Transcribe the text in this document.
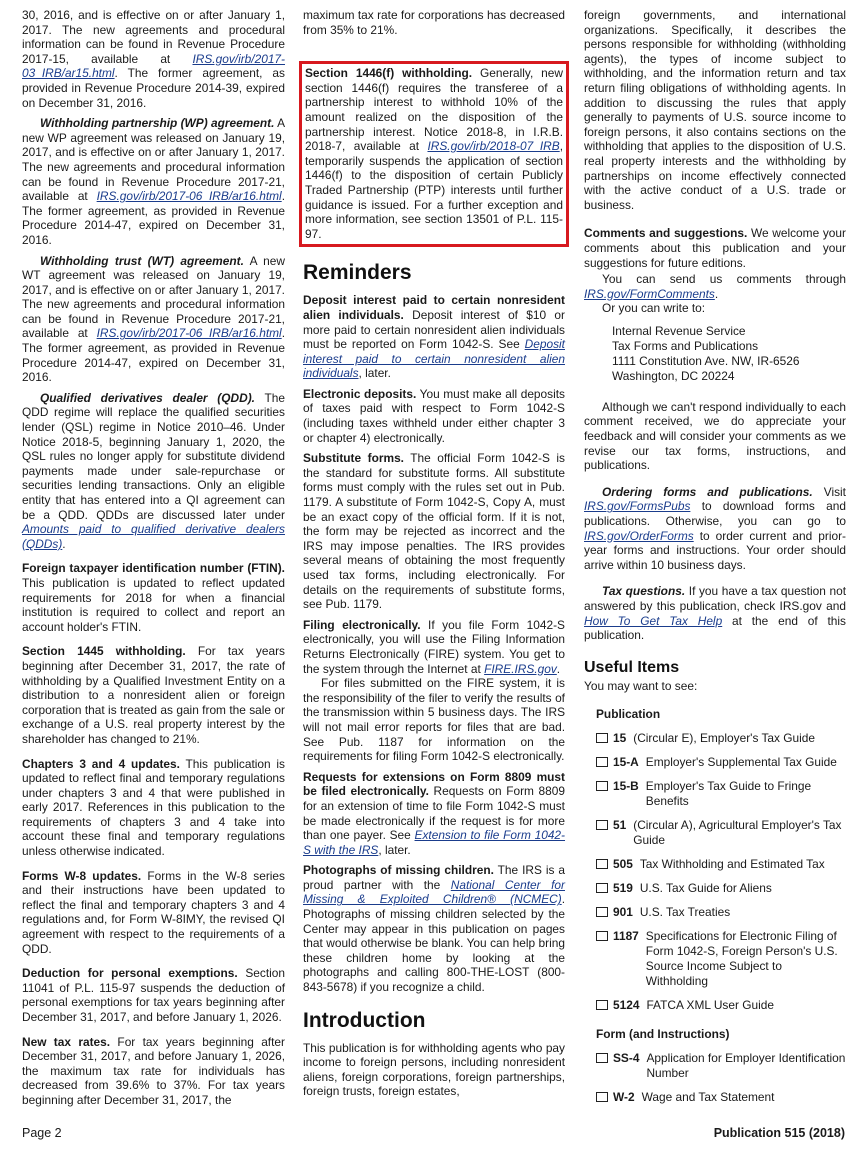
30, 2016, and is effective on or after January 1, 2017. The new agreements and procedural information can be found in Revenue Procedure 2017-15, available at IRS.gov/irb/2017-03_IRB/ar15.html. The former agreement, as provided in Revenue Procedure 2014-39, expired on December 31, 2016.

Withholding partnership (WP) agreement. A new WP agreement was released on January 19, 2017, and is effective on or after January 1, 2017. The new agreements and procedural information can be found in Revenue Procedure 2017-21, available at IRS.gov/irb/2017-06_IRB/ar16.html. The former agreement, as provided in Revenue Procedure 2014-47, expired on December 31, 2016.

Withholding trust (WT) agreement. A new WT agreement was released on January 19, 2017, and is effective on or after January 1, 2017. The new agreements and procedural information can be found in Revenue Procedure 2017-21, available at IRS.gov/irb/2017-06_IRB/ar16.html. The former agreement, as provided in Revenue Procedure 2014-47, expired on December 31, 2016.

Qualified derivatives dealer (QDD). The QDD regime will replace the qualified securities lender (QSL) regime in Notice 2010–46. Under Notice 2018-5, beginning January 1, 2020, the QSL rules no longer apply for substitute dividend payments made under sale-repurchase or securities lending transactions. Only an eligible entity that has entered into a QI agreement can be a QDD. QDDs are discussed later under Amounts paid to qualified derivative dealers (QDDs).

Foreign taxpayer identification number (FTIN). This publication is updated to reflect updated requirements for 2018 for when a financial institution is required to collect and report an account holder's FTIN.

Section 1445 withholding. For tax years beginning after December 31, 2017, the rate of withholding by a Qualified Investment Entity on a distribution to a nonresident alien or foreign corporation that is treated as gain from the sale or exchange of a U.S. real property interest by the shareholder has changed to 21%.

Chapters 3 and 4 updates. This publication is updated to reflect final and temporary regulations under chapters 3 and 4 that were published in early 2017. References in this publication to the requirements of chapters 3 and 4 take into account these final and temporary regulations unless otherwise indicated.

Forms W-8 updates. Forms in the W-8 series and their instructions have been updated to reflect the final and temporary chapters 3 and 4 regulations and, for Form W-8IMY, the revised QI agreement with respect to the requirements of a QDD.

Deduction for personal exemptions. Section 11041 of P.L. 115-97 suspends the deduction of personal exemptions for tax years beginning after December 31, 2017, and before January 1, 2026.

New tax rates. For tax years beginning after December 31, 2017, and before January 1, 2026, the maximum tax rate for individuals has decreased from 39.6% to 37%. For tax years beginning after December 31, 2017, the

maximum tax rate for corporations has decreased from 35% to 21%.

Section 1446(f) withholding. Generally, new section 1446(f) requires the transferee of a partnership interest to withhold 10% of the amount realized on the disposition of the partnership interest. Notice 2018-8, in I.R.B. 2018-7, available at IRS.gov/irb/2018-07_IRB, temporarily suspends the application of section 1446(f) to the disposition of certain Publicly Traded Partnership (PTP) interests until further guidance is issued. For a further exception and more information, see section 13501 of P.L. 115-97.

Reminders

Deposit interest paid to certain nonresident alien individuals. Deposit interest of $10 or more paid to certain nonresident alien individuals must be reported on Form 1042-S. See Deposit interest paid to certain nonresident alien individuals, later.

Electronic deposits. You must make all deposits of taxes paid with respect to Form 1042-S (including taxes withheld under either chapter 3 or chapter 4) electronically.

Substitute forms. The official Form 1042-S is the standard for substitute forms. All substitute forms must comply with the rules set out in Pub. 1179. A substitute of Form 1042-S, Copy A, must be an exact copy of the official form. If it is not, the form may be rejected as incorrect and the IRS may impose penalties. The IRS provides several means of obtaining the most frequently used tax forms, including electronically. For details on the requirements of substitute forms, see Pub. 1179.

Filing electronically. If you file Form 1042-S electronically, you will use the Filing Information Returns Electronically (FIRE) system. You get to the system through the Internet at FIRE.IRS.gov.

For files submitted on the FIRE system, it is the responsibility of the filer to verify the results of the transmission within 5 business days. The IRS will not mail error reports for files that are bad. See Pub. 1187 for information on the requirements for filing Form 1042-S electronically.

Requests for extensions on Form 8809 must be filed electronically. Requests on Form 8809 for an extension of time to file Form 1042-S must be made electronically if the request is for more than one payer. See Extension to file Form 1042-S with the IRS, later.

Photographs of missing children. The IRS is a proud partner with the National Center for Missing & Exploited Children® (NCMEC). Photographs of missing children selected by the Center may appear in this publication on pages that would otherwise be blank. You can help bring these children home by looking at the photographs and calling 800-THE-LOST (800-843-5678) if you recognize a child.

Introduction

This publication is for withholding agents who pay income to foreign persons, including nonresident aliens, foreign corporations, foreign partnerships, foreign trusts, foreign estates,

foreign governments, and international organizations. Specifically, it describes the persons responsible for withholding (withholding agents), the types of income subject to withholding, and the information return and tax return filing obligations of withholding agents. In addition to discussing the rules that apply generally to payments of U.S. source income to foreign persons, it also contains sections on the withholding that applies to the disposition of U.S. real property interests and the withholding by partnerships on income effectively connected with the active conduct of a U.S. trade or business.

Comments and suggestions. We welcome your comments about this publication and your suggestions for future editions.

You can send us comments through IRS.gov/FormComments.

Or you can write to:

Internal Revenue Service
Tax Forms and Publications
1111 Constitution Ave. NW, IR-6526
Washington, DC 20224

Although we can't respond individually to each comment received, we do appreciate your feedback and will consider your comments as we revise our tax forms, instructions, and publications.

Ordering forms and publications. Visit IRS.gov/FormsPubs to download forms and publications. Otherwise, you can go to IRS.gov/OrderForms to order current and prior-year forms and instructions. Your order should arrive within 10 business days.

Tax questions. If you have a tax question not answered by this publication, check IRS.gov and How To Get Tax Help at the end of this publication.

Useful Items

You may want to see:

Publication
15 (Circular E), Employer's Tax Guide
15-A Employer's Supplemental Tax Guide
15-B Employer's Tax Guide to Fringe Benefits
51 (Circular A), Agricultural Employer's Tax Guide
505 Tax Withholding and Estimated Tax
519 U.S. Tax Guide for Aliens
901 U.S. Tax Treaties
1187 Specifications for Electronic Filing of Form 1042-S, Foreign Person's U.S. Source Income Subject to Withholding
5124 FATCA XML User Guide
Form (and Instructions)
SS-4 Application for Employer Identification Number
W-2 Wage and Tax Statement
Page 2	Publication 515 (2018)
